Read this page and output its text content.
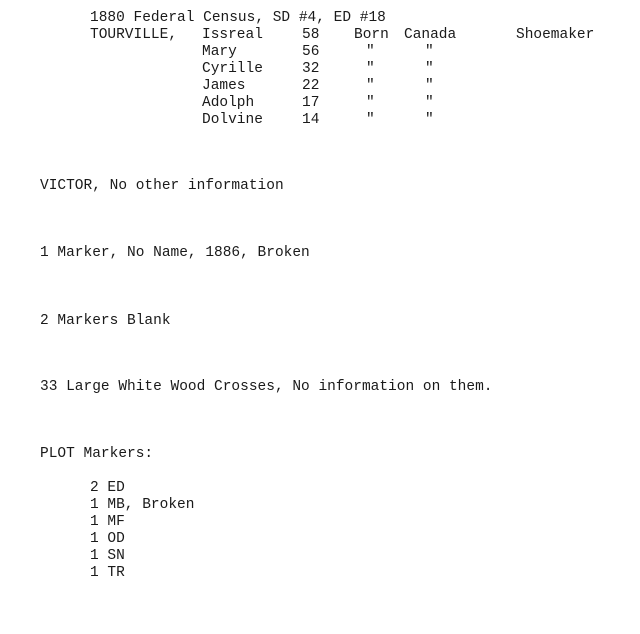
1880 Federal Census, SD #4, ED #18
TOURVILLE, Issreal	58 Born Canada	Shoemaker
Mary	56	"	"
Cyrille	32	"	"
James	22	"	"
Adolph	17	"	"
Dolvine	14	"	"
VICTOR, No other information
1 Marker, No Name, 1886, Broken
2 Markers Blank
33 Large White Wood Crosses, No information on them.
PLOT Markers:
2 ED
1 MB, Broken
1 MF
1 OD
1 SN
1 TR
